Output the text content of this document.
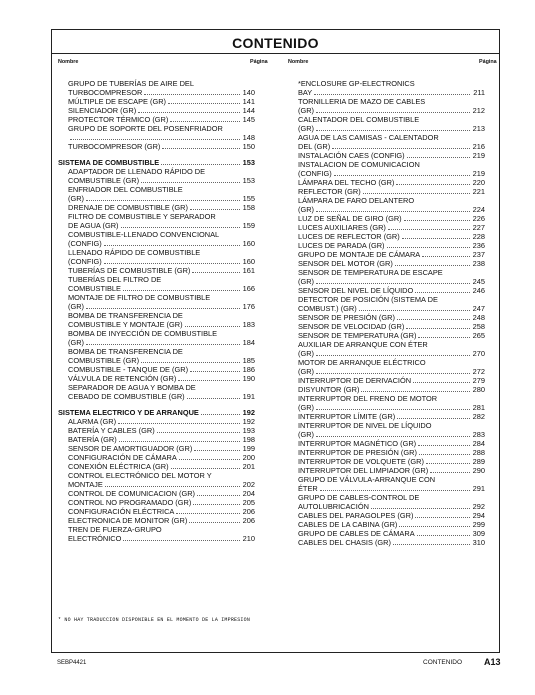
CONTENIDO
Nombre	Página	Nombre	Página
GRUPO DE TUBERÍAS DE AIRE DEL
TURBOCOMPRESOR	140
MÚLTIPLE DE ESCAPE (GR)	141
SILENCIADOR (GR)	144
PROTECTOR TÉRMICO (GR)	145
GRUPO DE SOPORTE DEL POSENFRIADOR
148
TURBOCOMPRESOR (GR)	150
SISTEMA DE COMBUSTIBLE	153
ADAPTADOR DE LLENADO RÁPIDO DE
COMBUSTIBLE (GR)	153
ENFRIADOR DEL COMBUSTIBLE
(GR)	155
DRENAJE DE COMBUSTIBLE (GR)	158
FILTRO DE COMBUSTIBLE Y SEPARADOR
DE AGUA (GR)	159
COMBUSTIBLE-LLENADO CONVENCIONAL
(CONFIG)	160
LLENADO RÁPIDO DE COMBUSTIBLE
(CONFIG)	160
TUBERÍAS DE COMBUSTIBLE (GR)	161
TUBERÍAS DEL FILTRO DE
COMBUSTIBLE	166
MONTAJE DE FILTRO DE COMBUSTIBLE
(GR)	176
BOMBA DE TRANSFERENCIA DE
COMBUSTIBLE Y MONTAJE (GR)	183
BOMBA DE INYECCIÓN DE COMBUSTIBLE
(GR)	184
BOMBA DE TRANSFERENCIA DE
COMBUSTIBLE (GR)	185
COMBUSTIBLE - TANQUE DE (GR)	186
VÁLVULA DE RETENCIÓN (GR)	190
SEPARADOR DE AGUA Y BOMBA DE
CEBADO DE COMBUSTIBLE (GR)	191
SISTEMA ELECTRICO Y DE ARRANQUE	192
ALARMA (GR)	192
BATERÍA Y CABLES (GR)	193
BATERÍA (GR)	198
SENSOR DE AMORTIGUADOR (GR)	199
CONFIGURACIÓN DE CÁMARA	200
CONEXIÓN ELÉCTRICA (GR)	201
CONTROL ELECTRÓNICO DEL MOTOR Y
MONTAJE	202
CONTROL DE COMUNICACION (GR)	204
CONTROL NO PROGRAMADO (GR)	205
CONFIGURACIÓN ELÉCTRICA	206
ELECTRONICA DE MONITOR (GR)	206
TREN DE FUERZA-GRUPO
ELECTRÓNICO	210
*ENCLOSURE GP-ELECTRONICS
BAY	211
TORNILLERIA DE MAZO DE CABLES
(GR)	212
CALENTADOR DEL COMBUSTIBLE
(GR)	213
AGUA DE LAS CAMISAS - CALENTADOR
DEL (GR)	216
INSTALACIÓN CAES (CONFIG)	219
INSTALACION DE COMUNICACION
(CONFIG)	219
LÁMPARA DEL TECHO (GR)	220
REFLECTOR (GR)	221
LÁMPARA DE FARO DELANTERO
(GR)	224
LUZ DE SEÑAL DE GIRO (GR)	226
LUCES AUXILIARES (GR)	227
LUCES DE REFLECTOR (GR)	228
LUCES DE PARADA (GR)	236
GRUPO DE MONTAJE DE CÁMARA	237
SENSOR DEL MOTOR (GR)	238
SENSOR DE TEMPERATURA DE ESCAPE
(GR)	245
SENSOR DEL NIVEL DE LÍQUIDO	246
DETECTOR DE POSICIÓN (SISTEMA DE
COMBUST.) (GR)	247
SENSOR DE PRESIÓN (GR)	248
SENSOR DE VELOCIDAD (GR)	258
SENSOR DE TEMPERATURA (GR)	265
AUXILIAR DE ARRANQUE CON ÉTER
(GR)	270
MOTOR DE ARRANQUE ELÉCTRICO
(GR)	272
INTERRUPTOR DE DERIVACIÓN	279
DISYUNTOR (GR)	280
INTERRUPTOR DEL FRENO DE MOTOR
(GR)	281
INTERRUPTOR LÍMITE (GR)	282
INTERRUPTOR DE NIVEL DE LÍQUIDO
(GR)	283
INTERRUPTOR MAGNÉTICO (GR)	284
INTERRUPTOR DE PRESIÓN (GR)	288
INTERRUPTOR DE VOLQUETE (GR)	289
INTERRUPTOR DEL LIMPIADOR (GR)	290
GRUPO DE VÁLVULA-ARRANQUE CON
ÉTER	291
GRUPO DE CABLES-CONTROL DE
AUTOLUBRICACIÓN	292
CABLES DEL PARAGOLPES (GR)	294
CABLES DE LA CABINA (GR)	299
GRUPO DE CABLES DE CÁMARA	309
CABLES DEL CHASIS (GR)	310
* NO HAY TRADUCCION DISPONIBLE EN EL MOMENTO DE LA IMPRESION
SEBP4421	CONTENIDO A13
